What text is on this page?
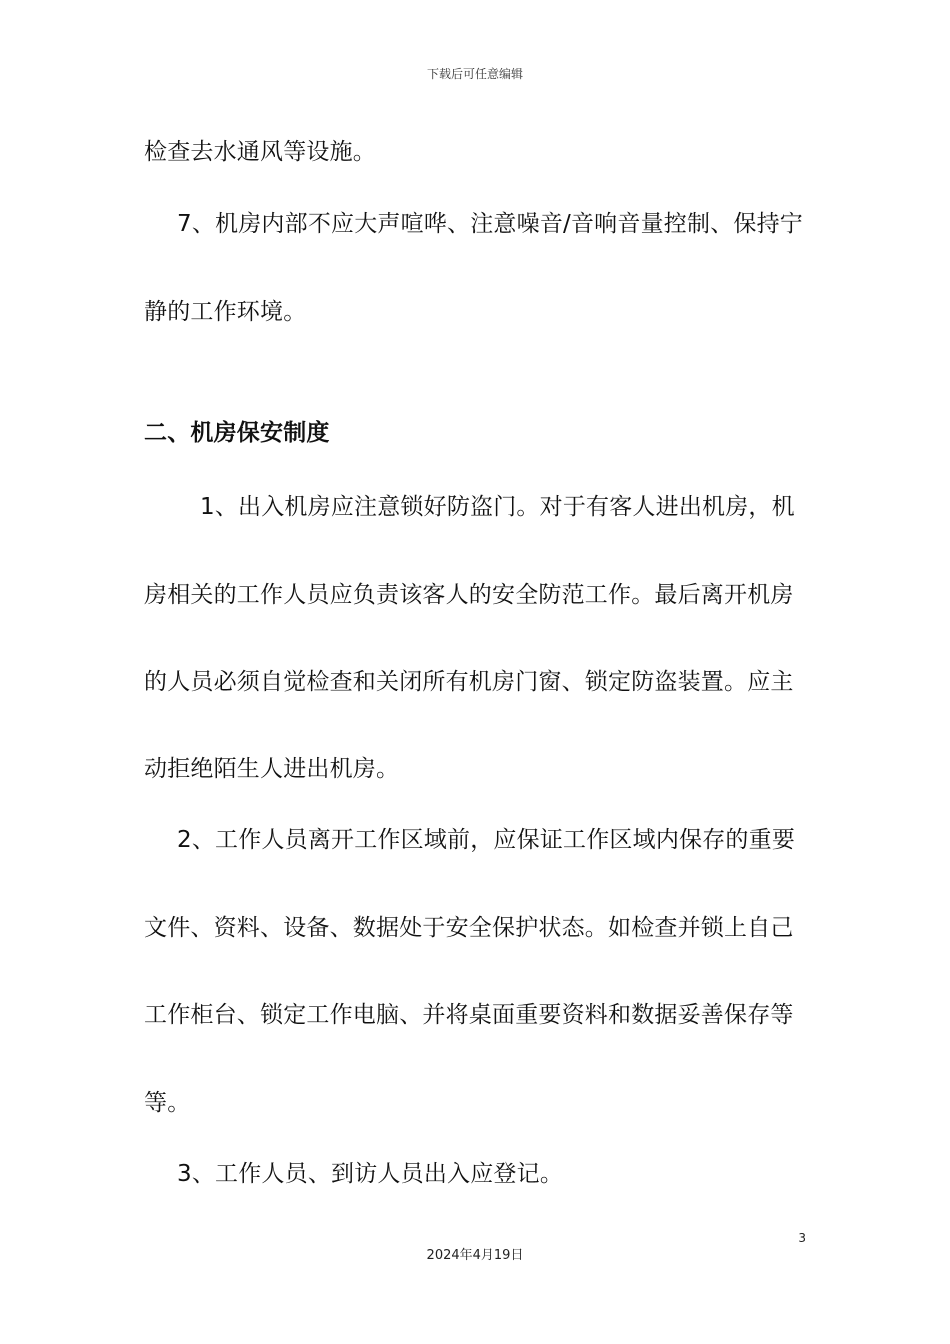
下载后可任意编辑
检查去水通风等设施。
7、机房内部不应大声喧哗、注意噪音/音响音量控制、保持宁
静的工作环境。
二、机房保安制度
1、出入机房应注意锁好防盗门。对于有客人进出机房，机
房相关的工作人员应负责该客人的安全防范工作。最后离开机房
的人员必须自觉检查和关闭所有机房门窗、锁定防盗装置。应主
动拒绝陌生人进出机房。
2、工作人员离开工作区域前，应保证工作区域内保存的重要
文件、资料、设备、数据处于安全保护状态。如检查并锁上自己
工作柜台、锁定工作电脑、并将桌面重要资料和数据妥善保存等
等。
3、工作人员、到访人员出入应登记。
3
2024年4月19日
